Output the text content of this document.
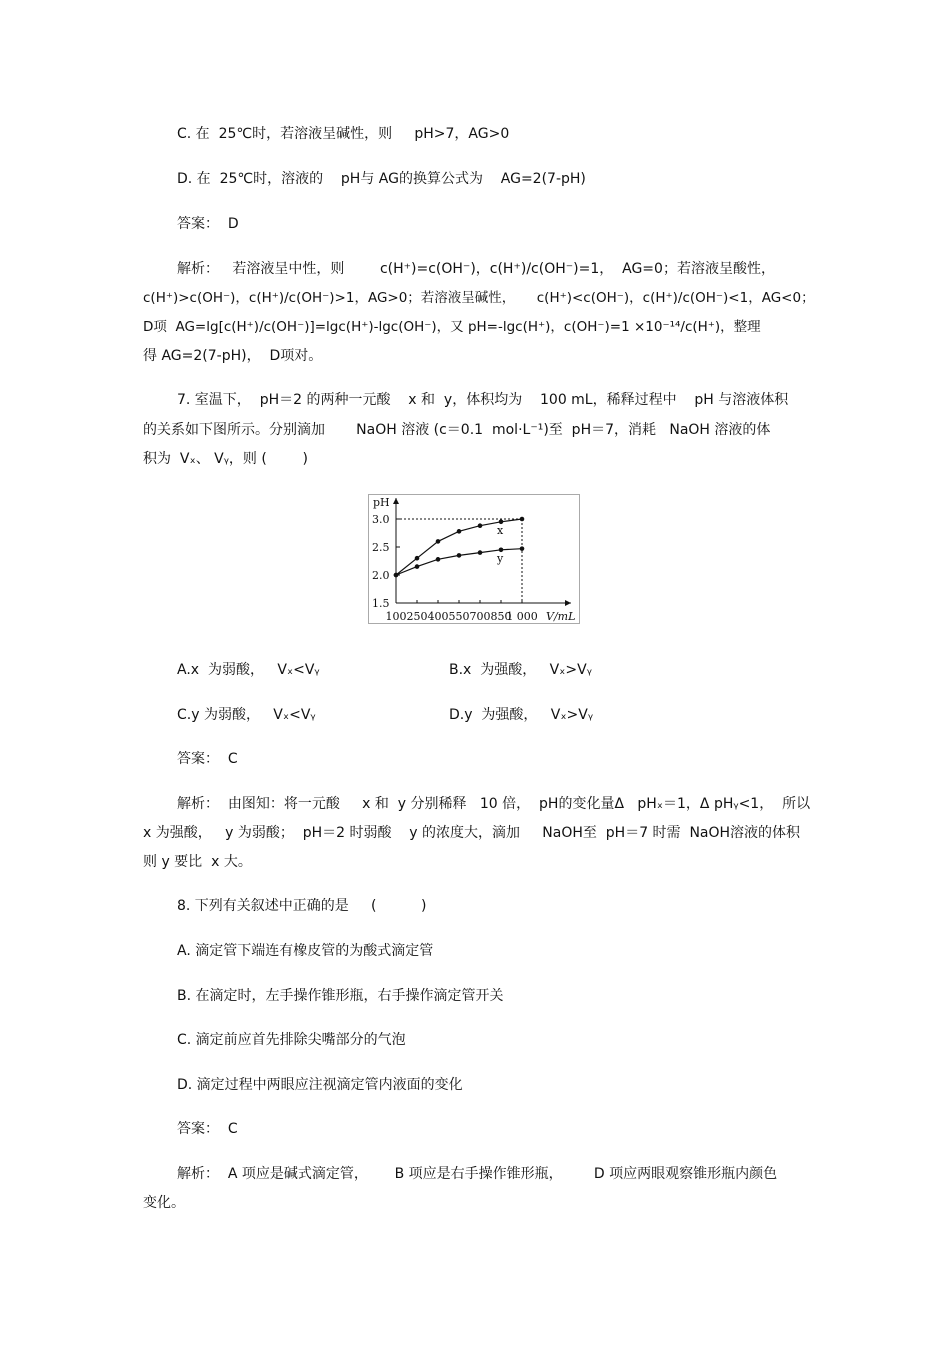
C. 在  25℃时，若溶液呈碱性，则     pH>7，AG>0
D. 在  25℃时，溶液的    pH与 AG的换算公式为    AG=2(7-pH)
答案：  D
解析：   若溶液呈中性，则        c(H⁺)=c(OH⁻)，c(H⁺)/c(OH⁻)=1，  AG=0；若溶液呈酸性，
c(H⁺)>c(OH⁻)，c(H⁺)/c(OH⁻)>1，AG>0；若溶液呈碱性，     c(H⁺)<c(OH⁻)，c(H⁺)/c(OH⁻)<1，AG<0；
D项  AG=lg[c(H⁺)/c(OH⁻)]=lgc(H⁺)-lgc(OH⁻)，又 pH=-lgc(H⁺)，c(OH⁻)=1 ×10⁻¹⁴/c(H⁺)，整理
得 AG=2(7-pH)，  D项对。
7. 室温下，  pH＝2 的两种一元酸    x 和  y，体积均为    100 mL，稀释过程中    pH 与溶液体积
的关系如下图所示。分别滴加       NaOH 溶液 (c＝0.1  mol·L⁻¹)至  pH＝7，消耗   NaOH 溶液的体
积为  Vₓ、 Vᵧ，则 (        )
pH
V/mL
1.5
2.0
2.5
3.0
100 250 400 550 700 850
1 000
x
y
A.x  为弱酸，   Vₓ<Vᵧ	B.x  为强酸，   Vₓ>Vᵧ
C.y 为弱酸，   Vₓ<Vᵧ	D.y  为强酸，   Vₓ>Vᵧ
答案：  C
解析：  由图知：将一元酸     x 和  y 分别稀释   10 倍，  pH的变化量Δ   pHₓ＝1，Δ pHᵧ<1，  所以
x 为强酸，   y 为弱酸；  pH＝2 时弱酸    y 的浓度大，滴加     NaOH至  pH＝7 时需  NaOH溶液的体积
则 y 要比  x 大。
8. 下列有关叙述中正确的是     (          )
A. 滴定管下端连有橡皮管的为酸式滴定管
B. 在滴定时，左手操作锥形瓶，右手操作滴定管开关
C. 滴定前应首先排除尖嘴部分的气泡
D. 滴定过程中两眼应注视滴定管内液面的变化
答案：  C
解析：  A 项应是碱式滴定管，      B 项应是右手操作锥形瓶，       D 项应两眼观察锥形瓶内颜色
变化。
